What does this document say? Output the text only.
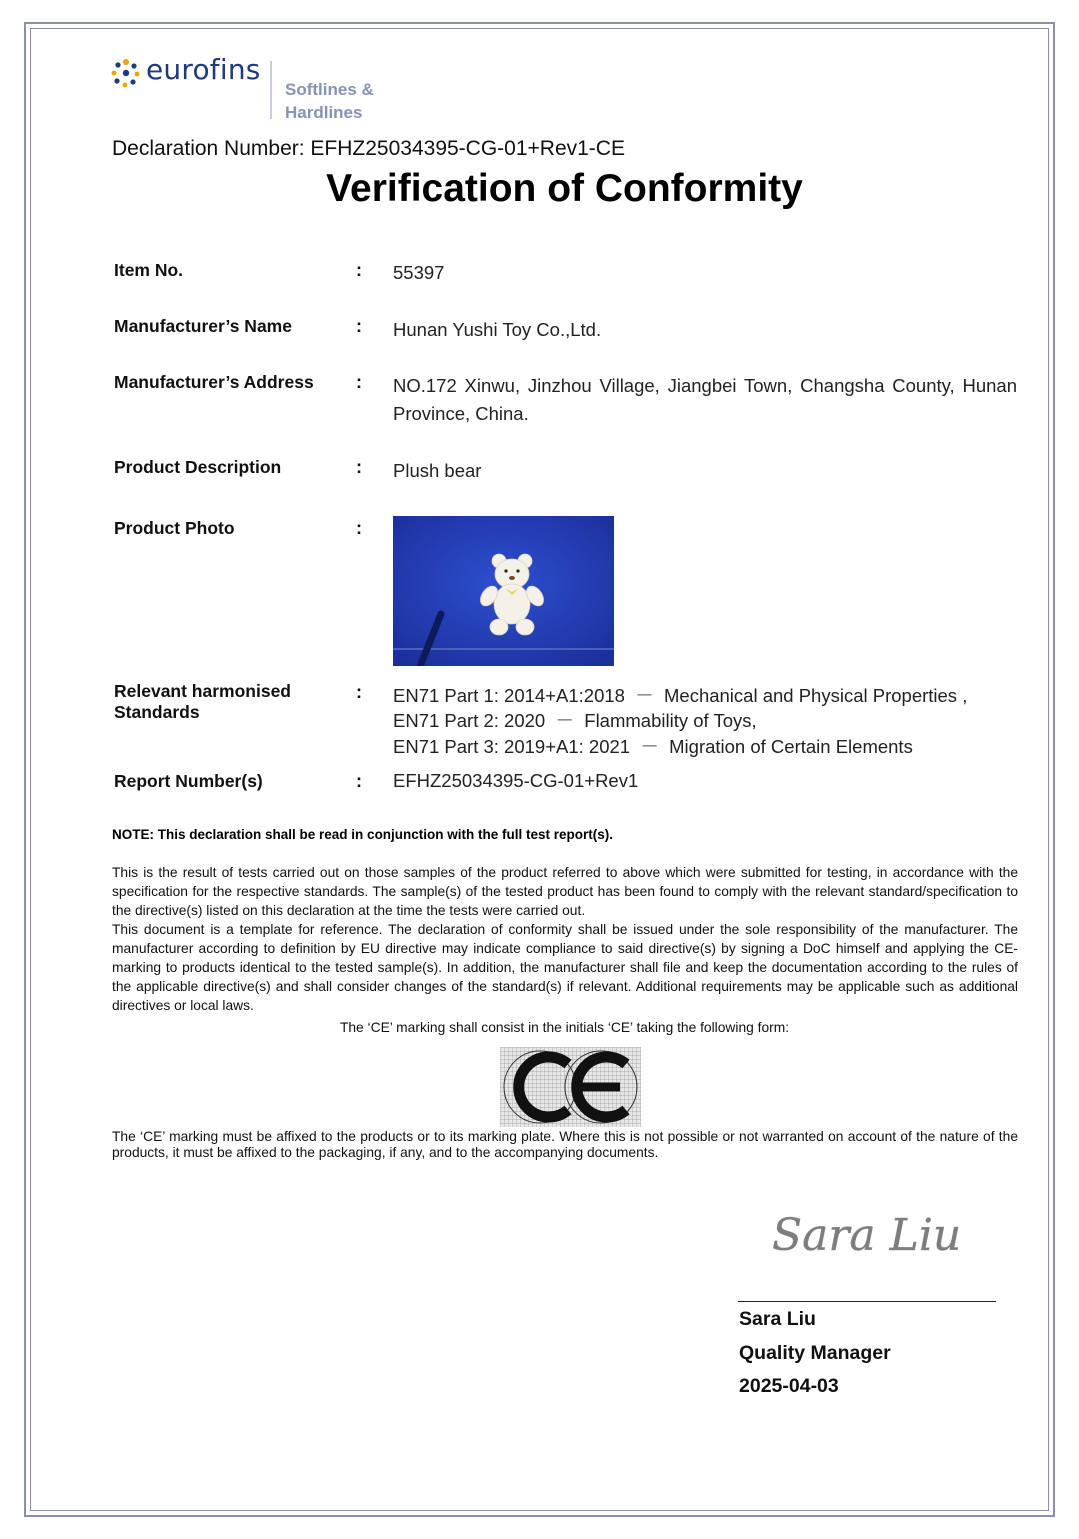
eurofins
Softlines &
Hardlines
Declaration Number: EFHZ25034395-CG-01+Rev1-CE
Verification of Conformity
Item No.	: 55397
Manufacturer’s Name	: Hunan Yushi Toy Co.,Ltd.
Manufacturer’s Address : NO.172 Xinwu, Jinzhou Village, Jiangbei Town, Changsha County, Hunan Province, China.
Product Description	: Plush bear
Product Photo	:
Relevant harmonised
Standards
: EN71 Part 1: 2014+A1:2018  －  Mechanical and Physical Properties ,
EN71 Part 2: 2020  －  Flammability of Toys,
EN71 Part 3: 2019+A1: 2021  －  Migration of Certain Elements
Report Number(s)	: EFHZ25034395-CG-01+Rev1
NOTE: This declaration shall be read in conjunction with the full test report(s).
This is the result of tests carried out on those samples of the product referred to above which were submitted for testing, in accordance with the specification for the respective standards. The sample(s) of the tested product has been found to comply with the relevant standard/specification to the directive(s) listed on this declaration at the time the tests were carried out.
This document is a template for reference. The declaration of conformity shall be issued under the sole responsibility of the manufacturer. The manufacturer according to definition by EU directive may indicate compliance to said directive(s) by signing a DoC himself and applying the CE-marking to products identical to the tested sample(s). In addition, the manufacturer shall file and keep the documentation according to the rules of the applicable directive(s) and shall consider changes of the standard(s) if relevant. Additional requirements may be applicable such as additional directives or local laws.
The ‘CE’ marking shall consist in the initials ‘CE’ taking the following form:
The ‘CE’ marking must be affixed to the products or to its marking plate. Where this is not possible or not warranted on account of the nature of the products, it must be affixed to the packaging, if any, and to the accompanying documents.
Sara Liu
Sara Liu
Quality Manager
2025-04-03
